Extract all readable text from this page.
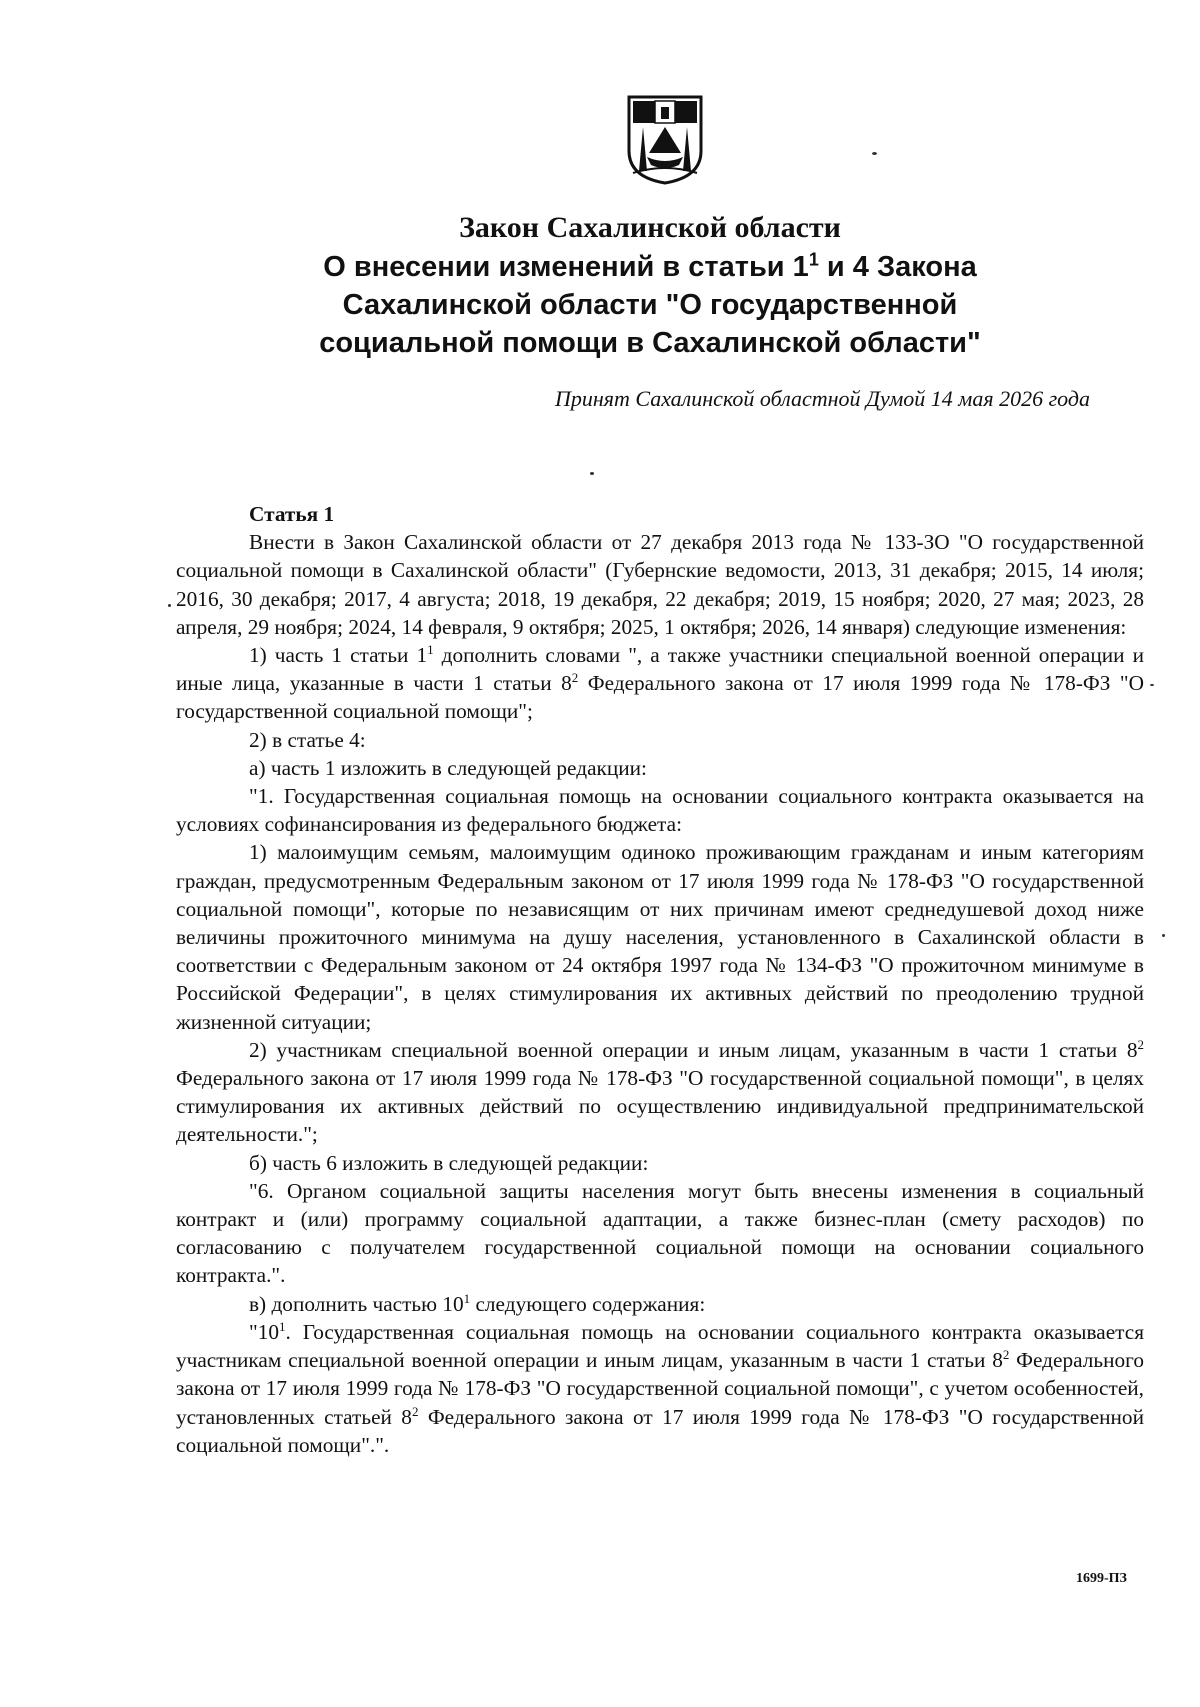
Закон Сахалинской области

О внесении изменений в статьи $1^1$ и 4 Закона

Сахалинской области "О государственной

социальной помощи в Сахалинской области"

Принят Сахалинской областной Думой 14 мая 2026 года

Статья 1

Внести в Закон Сахалинской области от 27 декабря 2013 года № 133-ЗО "О государственной социальной помощи в Сахалинской области" (Губернские ведомости, 2013, 31 декабря; 2015, 14 июля; 2016, 30 декабря; 2017, 4 августа; 2018, 19 декабря, 22 декабря; 2019, 15 ноября; 2020, 27 мая; 2023, 28 апреля, 29 ноября; 2024, 14 февраля, 9 октября; 2025, 1 октября; 2026, 14 января) следующие изменения:

1) часть 1 статьи $1^1$ дополнить словами ", а также участники специальной военной операции и иные лица, указанные в части 1 статьи $8^2$ Федерального закона от 17 июля 1999 года № 178-ФЗ "О государственной социальной помощи";

2) в статье 4:

а) часть 1 изложить в следующей редакции:

"1. Государственная социальная помощь на основании социального контракта оказывается на условиях софинансирования из федерального бюджета:

1) малоимущим семьям, малоимущим одиноко проживающим гражданам и иным категориям граждан, предусмотренным Федеральным законом от 17 июля 1999 года № 178-ФЗ "О государственной социальной помощи", которые по независящим от них причинам имеют среднедушевой доход ниже величины прожиточного минимума на душу населения, установленного в Сахалинской области в соответствии с Федеральным законом от 24 октября 1997 года № 134-ФЗ "О прожиточном минимуме в Российской Федерации", в целях стимулирования их активных действий по преодолению трудной жизненной ситуации;

2) участникам специальной военной операции и иным лицам, указанным в части 1 статьи $8^2$ Федерального закона от 17 июля 1999 года № 178-ФЗ "О государственной социальной помощи", в целях стимулирования их активных действий по осуществлению индивидуальной предпринимательской деятельности.";

б) часть 6 изложить в следующей редакции:

"6. Органом социальной защиты населения могут быть внесены изменения в социальный контракт и (или) программу социальной адаптации, а также бизнес-план (смету расходов) по согласованию с получателем государственной социальной помощи на основании социального контракта.".

в) дополнить частью $10^1$ следующего содержания:

"$10^1$. Государственная социальная помощь на основании социального контракта оказывается участникам специальной военной операции и иным лицам, указанным в части 1 статьи $8^2$ Федерального закона от 17 июля 1999 года № 178-ФЗ "О государственной социальной помощи", с учетом особенностей, установленных статьей $8^2$ Федерального закона от 17 июля 1999 года № 178-ФЗ "О государственной социальной помощи".".

1699-ПЗ
